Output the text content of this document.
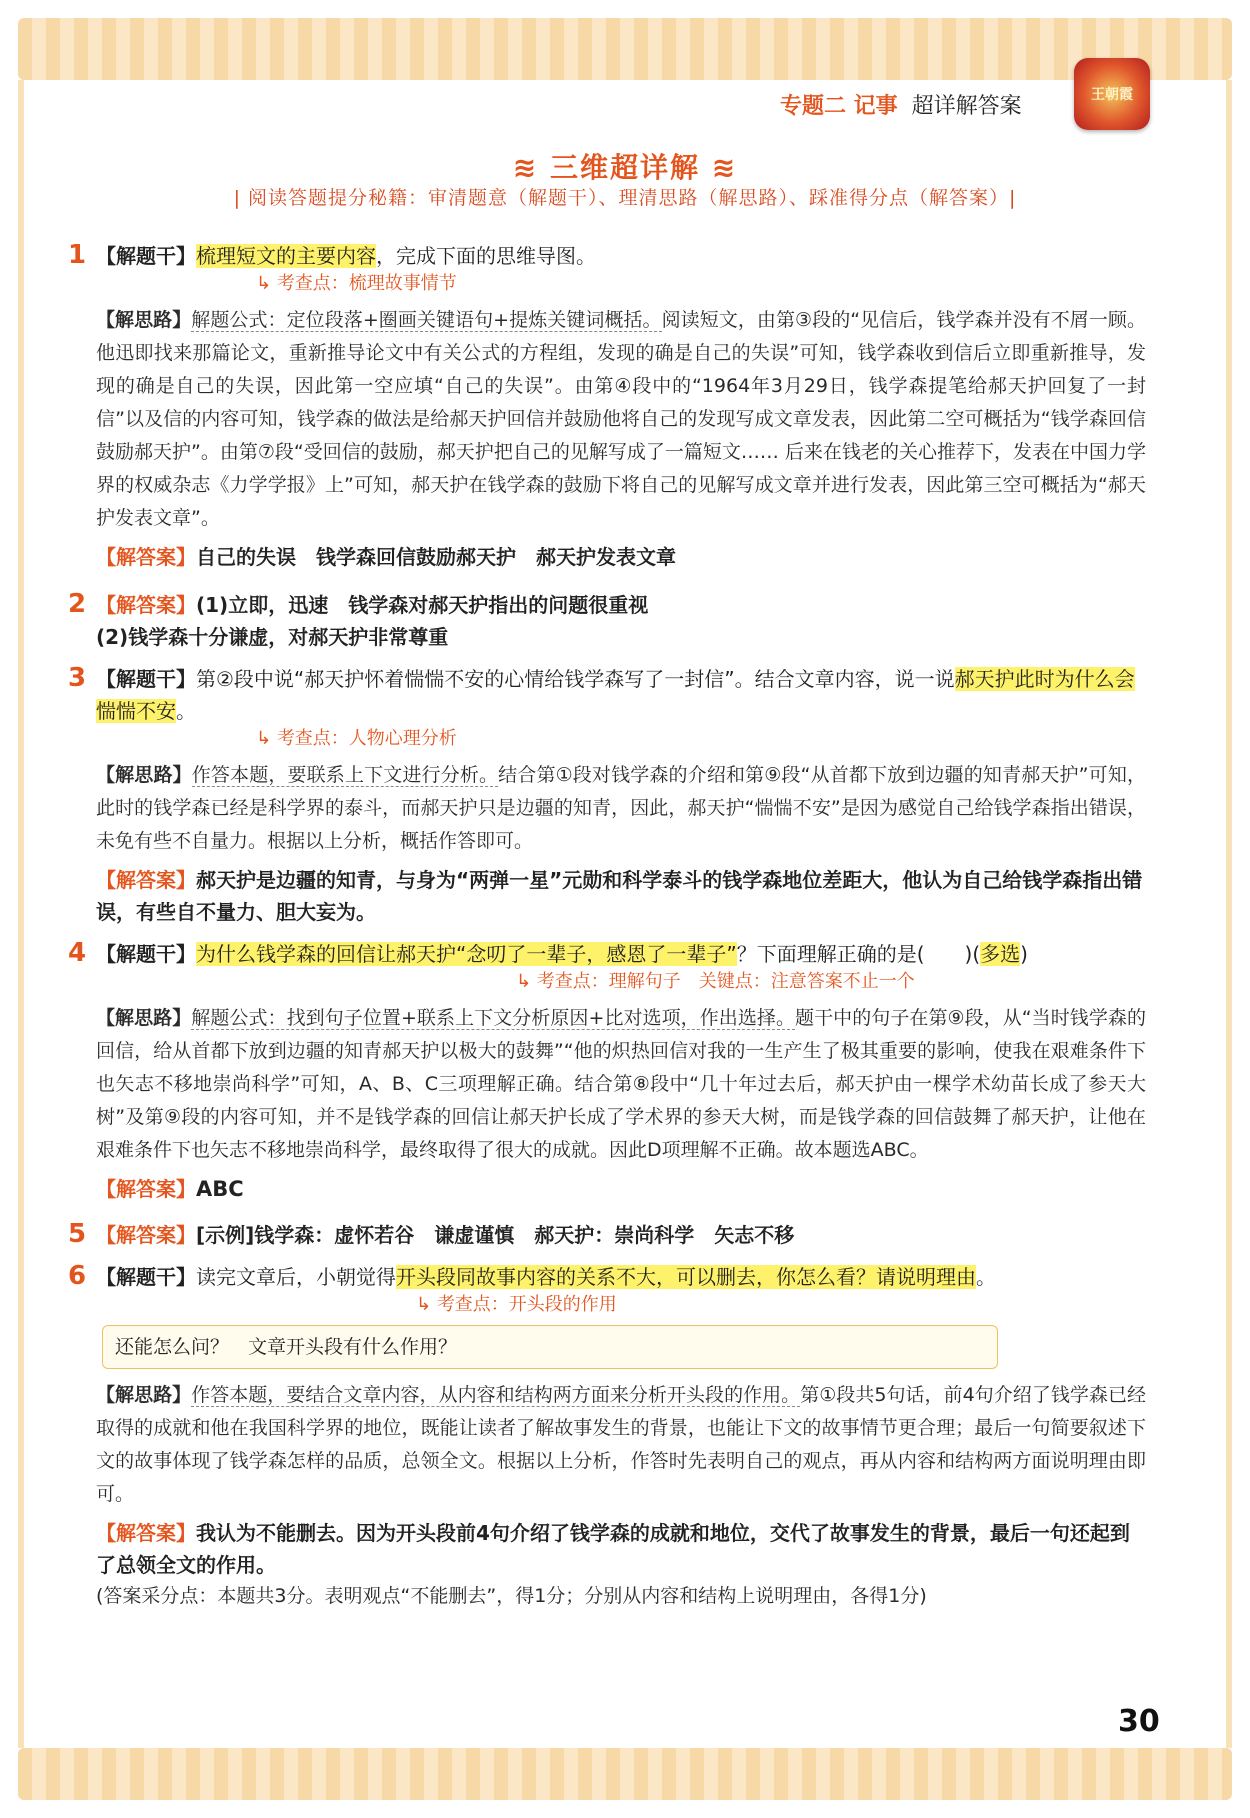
专题二 记事 超详解答案	王朝霞
≋ 三维超详解 ≋
| 阅读答题提分秘籍：审清题意（解题干）、理清思路（解思路）、踩准得分点（解答案）|
1 【解题干】梳理短文的主要内容，完成下面的思维导图。
↳ 考查点：梳理故事情节
【解思路】解题公式：定位段落+圈画关键语句+提炼关键词概括。阅读短文，由第③段的“见信后，钱学森并没有不屑一顾。他迅即找来那篇论文，重新推导论文中有关公式的方程组，发现的确是自己的失误”可知，钱学森收到信后立即重新推导，发现的确是自己的失误，因此第一空应填“自己的失误”。由第④段中的“1964年3月29日，钱学森提笔给郝天护回复了一封信”以及信的内容可知，钱学森的做法是给郝天护回信并鼓励他将自己的发现写成文章发表，因此第二空可概括为“钱学森回信鼓励郝天护”。由第⑦段“受回信的鼓励，郝天护把自己的见解写成了一篇短文…… 后来在钱老的关心推荐下，发表在中国力学界的权威杂志《力学学报》上”可知，郝天护在钱学森的鼓励下将自己的见解写成文章并进行发表，因此第三空可概括为“郝天护发表文章”。
【解答案】自己的失误　钱学森回信鼓励郝天护　郝天护发表文章
2 【解答案】(1)立即，迅速　钱学森对郝天护指出的问题很重视
(2)钱学森十分谦虚，对郝天护非常尊重
3 【解题干】第②段中说“郝天护怀着惴惴不安的心情给钱学森写了一封信”。结合文章内容，说一说郝天护此时为什么会惴惴不安。
↳ 考查点：人物心理分析
【解思路】作答本题，要联系上下文进行分析。结合第①段对钱学森的介绍和第⑨段“从首都下放到边疆的知青郝天护”可知，此时的钱学森已经是科学界的泰斗，而郝天护只是边疆的知青，因此，郝天护“惴惴不安”是因为感觉自己给钱学森指出错误，未免有些不自量力。根据以上分析，概括作答即可。
【解答案】郝天护是边疆的知青，与身为“两弹一星”元勋和科学泰斗的钱学森地位差距大，他认为自己给钱学森指出错误，有些自不量力、胆大妄为。
4 【解题干】为什么钱学森的回信让郝天护“念叨了一辈子，感恩了一辈子”？下面理解正确的是(　　)(多选)
↳ 考查点：理解句子　关键点：注意答案不止一个
【解思路】解题公式：找到句子位置+联系上下文分析原因+比对选项，作出选择。题干中的句子在第⑨段，从“当时钱学森的回信，给从首都下放到边疆的知青郝天护以极大的鼓舞”“他的炽热回信对我的一生产生了极其重要的影响，使我在艰难条件下也矢志不移地崇尚科学”可知，A、B、C三项理解正确。结合第⑧段中“几十年过去后，郝天护由一棵学术幼苗长成了参天大树”及第⑨段的内容可知，并不是钱学森的回信让郝天护长成了学术界的参天大树，而是钱学森的回信鼓舞了郝天护，让他在艰难条件下也矢志不移地崇尚科学，最终取得了很大的成就。因此D项理解不正确。故本题选ABC。
【解答案】ABC
5 【解答案】[示例]钱学森：虚怀若谷　谦虚谨慎　郝天护：崇尚科学　矢志不移
6 【解题干】读完文章后，小朝觉得开头段同故事内容的关系不大，可以删去，你怎么看？请说明理由。
↳ 考查点：开头段的作用
还能怎么问？　 文章开头段有什么作用？
【解思路】作答本题，要结合文章内容，从内容和结构两方面来分析开头段的作用。第①段共5句话，前4句介绍了钱学森已经取得的成就和他在我国科学界的地位，既能让读者了解故事发生的背景，也能让下文的故事情节更合理；最后一句简要叙述下文的故事体现了钱学森怎样的品质，总领全文。根据以上分析，作答时先表明自己的观点，再从内容和结构两方面说明理由即可。
【解答案】我认为不能删去。因为开头段前4句介绍了钱学森的成就和地位，交代了故事发生的背景，最后一句还起到了总领全文的作用。
(答案采分点：本题共3分。表明观点“不能删去”，得1分；分别从内容和结构上说明理由，各得1分)
30
